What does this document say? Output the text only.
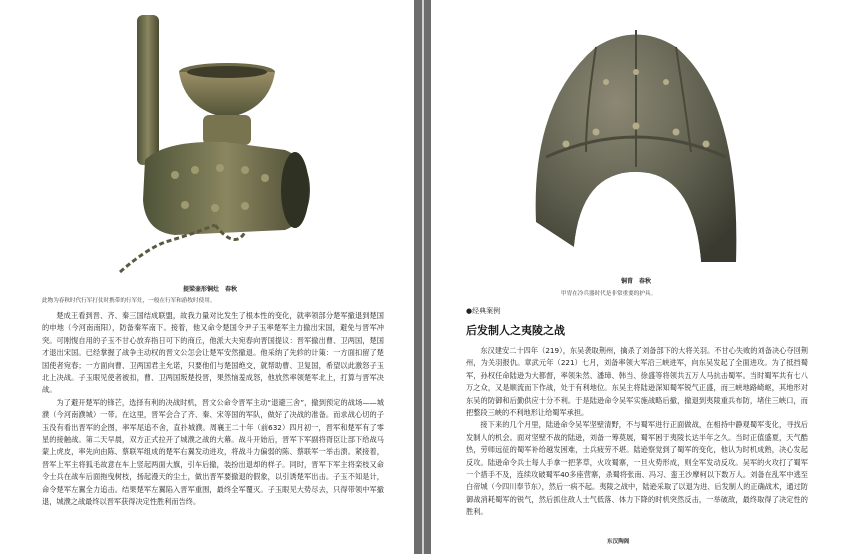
提梁壶形铜灶　春秋
此物为春秋时代行军打仗时携带的行军灶，一般在行军和游牧时使用。

楚成王看到晋、齐、秦三国结成联盟，故我力量对比发生了根本性的变化，就率领部分楚军撤退到楚国的申地（今河南南阳），防备秦军南下。接着，他又命令楚国令尹子玉率楚军主力撤出宋国，避免与晋军冲突。可刚愎自用的子玉不甘心放弃指日可下的商丘，他派大夫宛春向晋国提议：晋军撤出曹、卫两国，楚国才退出宋国。已经掌握了战争主动权的晋文公怎会让楚军安然撤退。他采纳了先轸的计策：一方面扣留了楚国使者宛春；一方面向曹、卫两国君主允诺，只要他们与楚国绝交，就帮助曹、卫复国，希望以此激怒子玉北上决战。子玉眼见使者被扣，曹、卫两国叛楚投晋，果然恼羞成怒，他放然率领楚军北上，打算与晋军决战。

为了避开楚军的锋芒，选择有利的决战时机，晋文公命令晋军主动“退避三舍”，撤到预定的战场——城濮（今河南濮城）一带。在这里，晋军会合了齐、秦、宋等国的军队，做好了决战的准备。而求战心切的子玉没有看出晋军的企图，率军尾追不舍，直扑城濮。周襄王二十年（前632）四月初一，晋军和楚军有了零星的接触战。第二天早晨，双方正式拉开了城濮之战的大幕。战斗开始后，晋军下军副将胥臣让部下给战马蒙上虎皮，率先向由陈、蔡联军组成的楚军右翼发动进攻，将战斗力偏弱的陈、蔡联军一举击溃。紧接着，晋军上军主将狐毛故意在车上竖起两面大旗，引车后撤，装扮出退却的样子。同时，晋军下军主将栾枝又命令士兵在战车后面拖曳树枝，扬起漫天的尘土，做出晋军要撤退的假象，以引诱楚军出击。子玉不知是计，命令楚军左翼全力追击。结果楚军左翼陷入晋军重围，最终全军覆灭。子玉眼见大势尽去，只得带领中军撤退，城濮之战最终以晋军获得决定性胜利而告终。

铜胄　春秋
甲胄在冷兵器时代是非常重要的护具。
●经典案例
后发制人之夷陵之战

东汉建安二十四年（219），东吴袭取荆州，擒杀了刘备部下的大将关羽。不甘心失败的刘备决心夺回荆州，为关羽报仇。章武元年（221）七月，刘备率领大军沿三峡进军，向东吴发起了全面进攻。为了抵挡蜀军，孙权任命陆逊为大都督，率领朱然、潘璋、韩当、徐盛等将领共五万人马抗击蜀军。当时蜀军共有七八万之众，又是顺流而下作战，处于有利地位。东吴主将陆逊深知蜀军锐气正盛，而三峡地路崎岖，其地形对东吴的防御和后勤供应十分不利。于是陆逊命令吴军实施战略后撤，撤退到夷陵重兵布防，堵住三峡口，而把整段三峡的不利地形让给蜀军承担。

接下来的几个月里，陆逊命令吴军坚壁清野，不与蜀军进行正面做战，在相持中静观蜀军变化，寻找后发制人的机会。面对坚壁不战的陆逊，刘备一筹莫展，蜀军困于夷陵长达半年之久。当时正值盛夏，天气酷热，劳师远征的蜀军补给越发困难，士兵疲劳不堪。陆逊察觉到了蜀军的变化，他认为时机成熟，决心发起反攻。陆逊命令兵士每人手拿一把茅草，火攻蜀寨，一旦火势形成，则全军发动反攻。吴军的火攻打了蜀军一个措手不及，连续攻破蜀军40多座营寨，杀蜀将张南、冯习、蛮王沙摩柯以下数万人。刘备在乱军中逃至白帝城（今四川奉节东），然后一病不起。夷陵之战中，陆逊采取了以退为进、后发制人的正确战术，通过防御战消耗蜀军的锐气，然后抓住敌人士气低落、体力下降的时机突然反击，一举破敌，最终取得了决定性的胜利。

东汉陶阁
